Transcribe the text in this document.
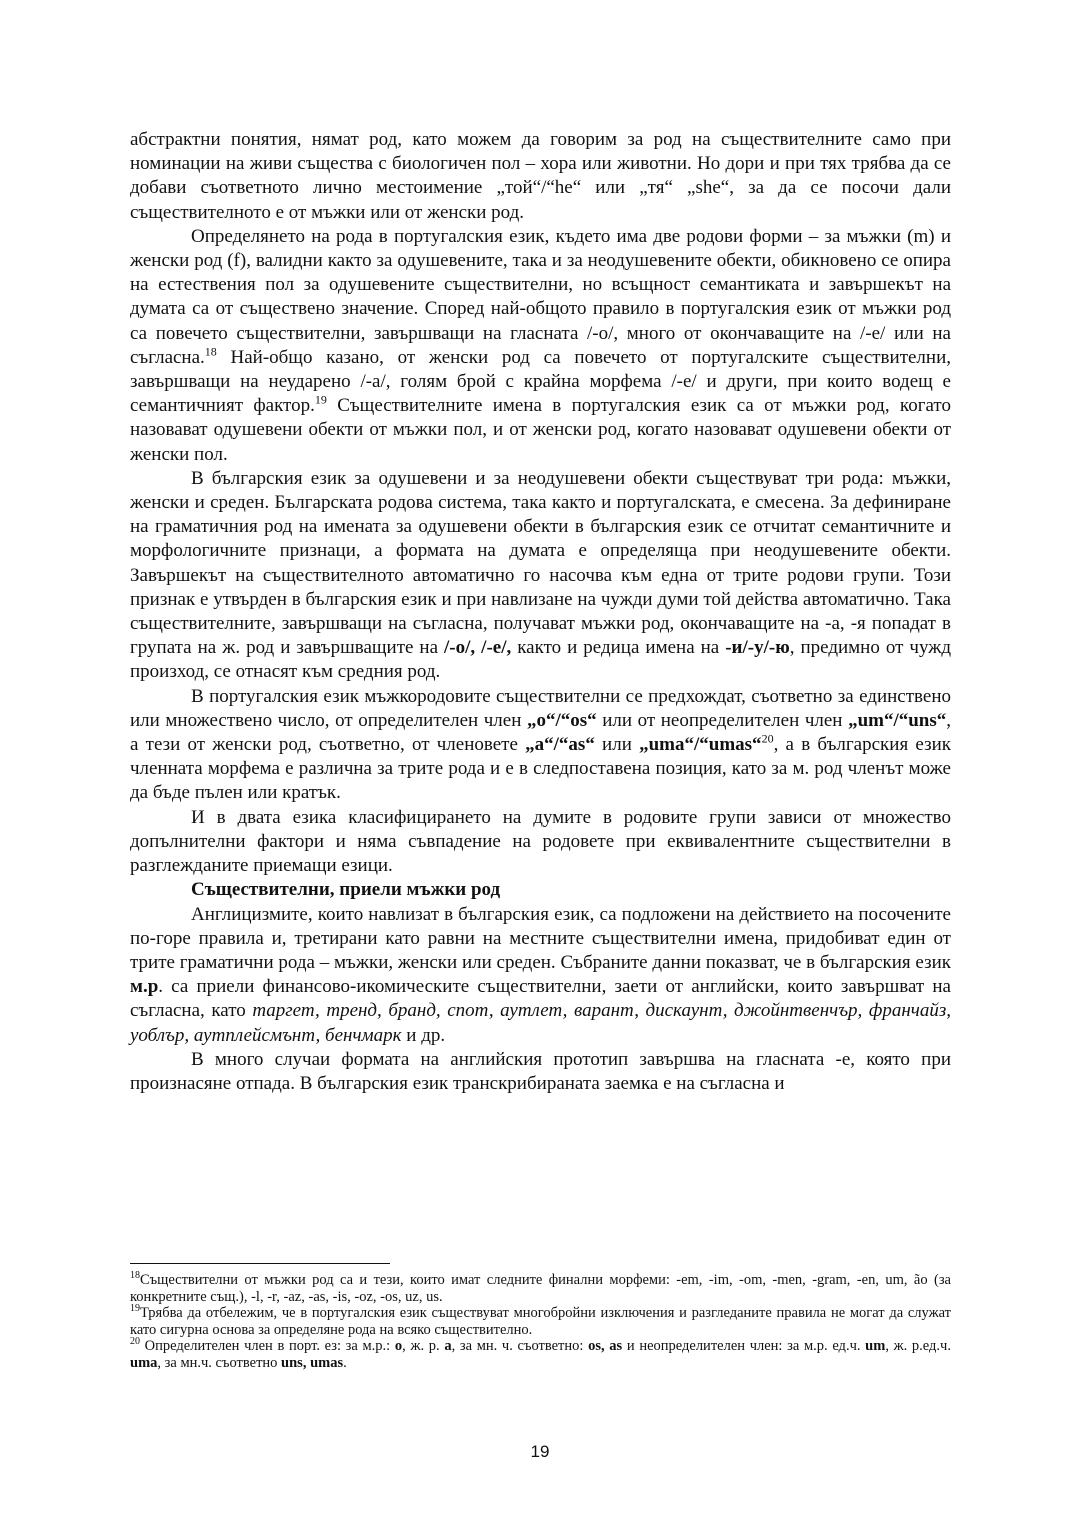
абстрактни понятия, нямат род, като можем да говорим за род на съществителните само при номинации на живи същества с биологичен пол – хора или животни. Но дори и при тях трябва да се добави съответното лично местоимение „той“/“he“ или „тя“ „she“, за да се посочи дали съществителното е от мъжки или от женски род.

Определянето на рода в португалския език, където има две родови форми – за мъжки (m) и женски род (f), валидни както за одушевените, така и за неодушевените обекти, обикновено се опира на естествения пол за одушевените съществителни, но всъщност семантиката и завършекът на думата са от съществено значение. Според най-общото правило в португалския език от мъжки род са повечето съществителни, завършващи на гласната /-o/, много от окончаващите на /-e/ или на съгласна.$^{18}$ Най-общо казано, от женски род са повечето от португалските съществителни, завършващи на неударено /-a/, голям брой с крайна морфема /-e/ и други, при които водещ е семантичният фактор.$^{19}$ Съществителните имена в португалския език са от мъжки род, когато назовават одушевени обекти от мъжки пол, и от женски род, когато назовават одушевени обекти от женски пол.

В българския език за одушевени и за неодушевени обекти съществуват три рода: мъжки, женски и среден. Българската родова система, така както и португалската, е смесена. За дефиниране на граматичния род на имената за одушевени обекти в българския език се отчитат семантичните и морфологичните признаци, а формата на думата е определяща при неодушевените обекти. Завършекът на съществителното автоматично го насочва към една от трите родови групи. Този признак е утвърден в българския език и при навлизане на чужди думи той действа автоматично. Така съществителните, завършващи на съгласна, получават мъжки род, окончаващите на -а, -я попадат в групата на ж. род и завършващите на /-o/, /-e/, както и редица имена на -и/-у/-ю, предимно от чужд произход, се отнасят към средния род.

В португалския език мъжкородовите съществителни се предхождат, съответно за единствено или множествено число, от определителен член „o“/“os“ или от неопределителен член „um“/“uns“, а тези от женски род, съответно, от членовете „a“/“as“ или „uma“/“umas“$^{20}$, а в българския език членната морфема е различна за трите рода и е в следпоставена позиция, като за м. род членът може да бъде пълен или кратък.

И в двата езика класифицирането на думите в родовите групи зависи от множество допълнителни фактори и няма съвпадение на родовете при еквивалентните съществителни в разглежданите приемащи езици.

Съществителни, приели мъжки род

Англицизмите, които навлизат в българския език, са подложени на действието на посочените по-горе правила и, третирани като равни на местните съществителни имена, придобиват един от трите граматични рода – мъжки, женски или среден. Събраните данни показват, че в българския език м.р. са приели финансово-икомическите съществителни, заети от английски, които завършват на съгласна, като таргет, тренд, бранд, спот, аутлет, варант, дискаунт, джойнтвенчър, франчайз, уоблър, аутплейсмънт, бенчмарк и др.

В много случаи формата на английския прототип завършва на гласната -е, която при произнасяне отпада. В българския език транскрибираната заемка е на съгласна и

$^{18}$Съществителни от мъжки род са и тези, които имат следните финални морфеми: -em, -im, -om, -men, -gram, -en, um, ão (за конкретните същ.), -l, -r, -az, -as, -is, -oz, -os, uz, us.

$^{19}$Трябва да отбележим, че в португалския език съществуват многобройни изключения и разгледаните правила не могат да служат като сигурна основа за определяне рода на всяко съществително.

$^{20}$ Определителен член в порт. ез: за м.р.: o, ж. р. a, за мн. ч. съответно: os, as и неопределителен член: за м.р. ед.ч. um, ж. р.ед.ч. uma, за мн.ч. съответно uns, umas.

19
